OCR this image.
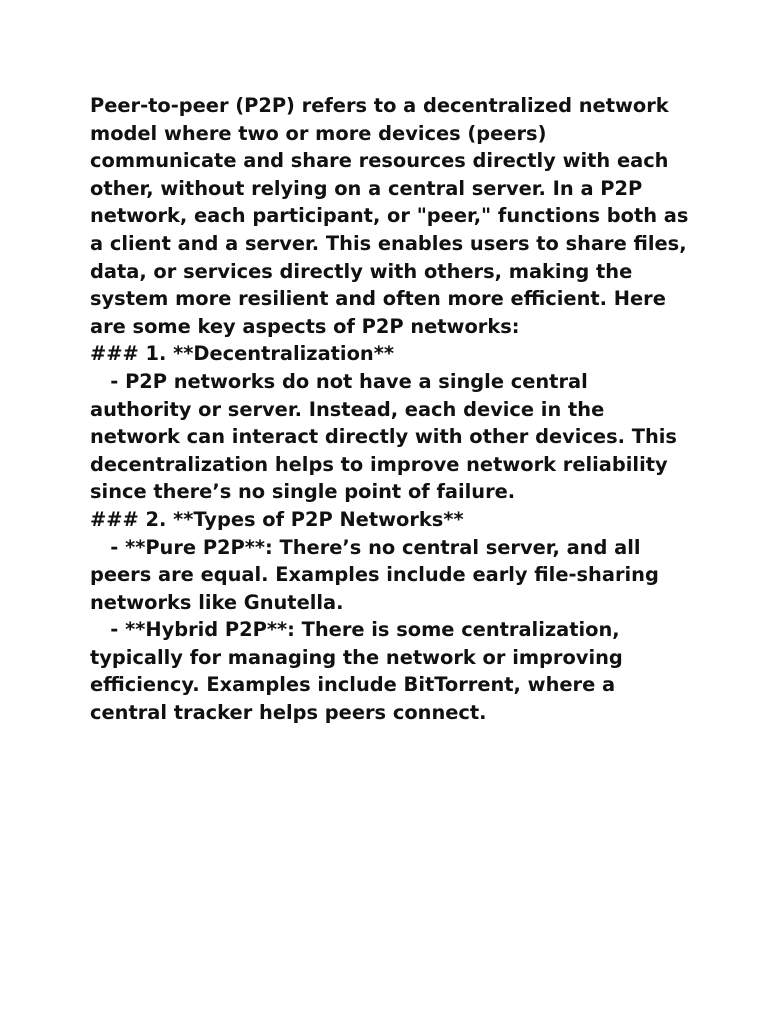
Peer-to-peer (P2P) refers to a decentralized network model where two or more devices (peers) communicate and share resources directly with each other, without relying on a central server. In a P2P network, each participant, or "peer," functions both as a client and a server. This enables users to share files, data, or services directly with others, making the system more resilient and often more efficient. Here are some key aspects of P2P networks:

### 1. **Decentralization**

- P2P networks do not have a single central authority or server. Instead, each device in the network can interact directly with other devices. This decentralization helps to improve network reliability since there’s no single point of failure.

### 2. **Types of P2P Networks**

- **Pure P2P**: There’s no central server, and all peers are equal. Examples include early file-sharing networks like Gnutella.

- **Hybrid P2P**: There is some centralization, typically for managing the network or improving efficiency. Examples include BitTorrent, where a central tracker helps peers connect.
